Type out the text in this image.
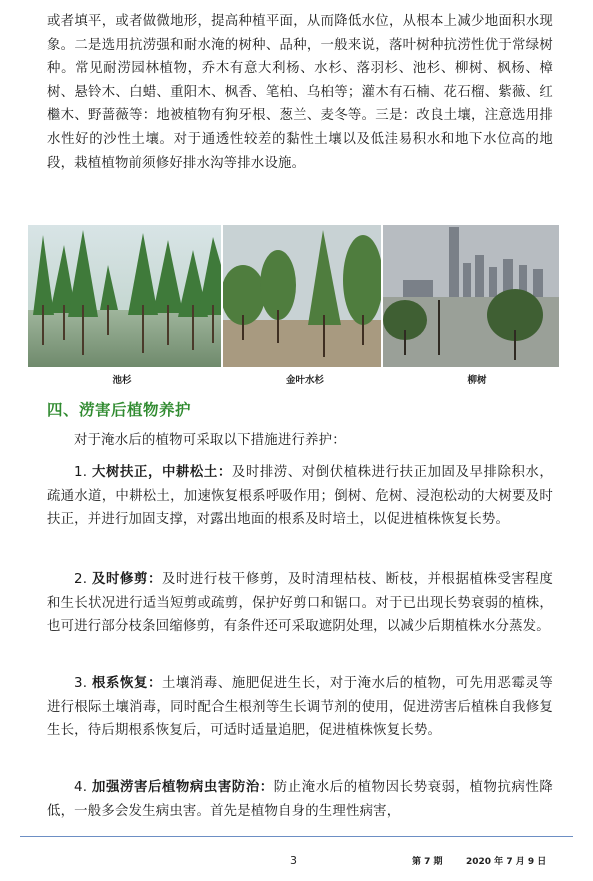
或者填平，或者做微地形，提高种植平面，从而降低水位，从根本上减少地面积水现象。二是选用抗涝强和耐水淹的树种、品种，一般来说，落叶树种抗涝性优于常绿树种。常见耐涝园林植物，乔木有意大利杨、水杉、落羽杉、池杉、柳树、枫杨、樟树、悬铃木、白蜡、重阳木、枫香、笔柏、乌桕等；灌木有石楠、花石榴、紫薇、红檵木、野蔷薇等：地被植物有狗牙根、葱兰、麦冬等。三是：改良土壤，注意选用排水性好的沙性土壤。对于通透性较差的黏性土壤以及低洼易积水和地下水位高的地段，栽植植物前须修好排水沟等排水设施。

池杉	金叶水杉	柳树
四、涝害后植物养护

对于淹水后的植物可采取以下措施进行养护：

1. 大树扶正，中耕松土：及时排涝、对倒伏植株进行扶正加固及早排除积水，疏通水道，中耕松土，加速恢复根系呼吸作用；倒树、危树、浸泡松动的大树要及时扶正，并进行加固支撑，对露出地面的根系及时培土，以促进植株恢复长势。

2. 及时修剪：及时进行枝干修剪，及时清理枯枝、断枝，并根据植株受害程度和生长状况进行适当短剪或疏剪，保护好剪口和锯口。对于已出现长势衰弱的植株，也可进行部分枝条回缩修剪，有条件还可采取遮阴处理，以减少后期植株水分蒸发。

3. 根系恢复：土壤消毒、施肥促进生长，对于淹水后的植物，可先用恶霉灵等进行根际土壤消毒，同时配合生根剂等生长调节剂的使用，促进涝害后植株自我修复生长，待后期根系恢复后，可适时适量追肥，促进植株恢复长势。

4. 加强涝害后植物病虫害防治：防止淹水后的植物因长势衰弱，植物抗病性降低，一般多会发生病虫害。首先是植物自身的生理性病害，

3	第 7 期	2020 年 7 月 9 日
